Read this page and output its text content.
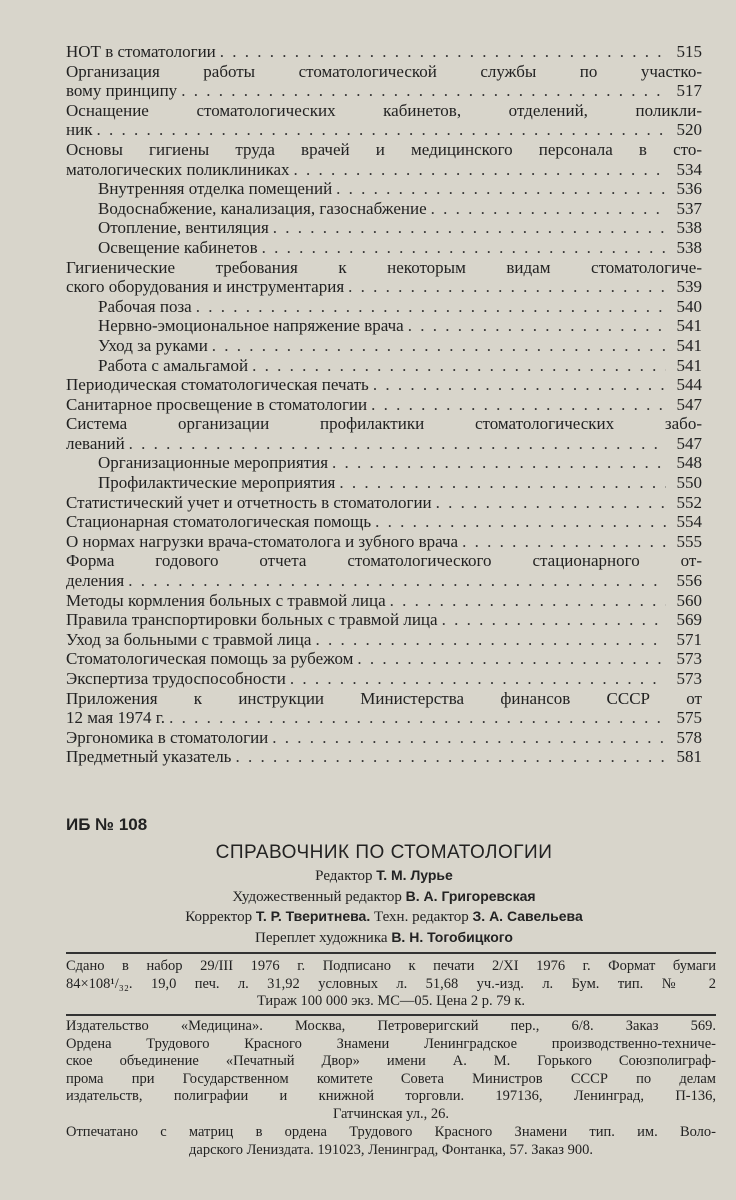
НОТ в стоматологии . . .	515
Организация работы стоматологической службы по участко-
вому принципу . . .	517
Оснащение стоматологических кабинетов, отделений, поликли-
ник . . .	520
Основы гигиены труда врачей и медицинского персонала в сто-
матологических поликлиниках . . .	534
Внутренняя отделка помещений . . .	536
Водоснабжение, канализация, газоснабжение . . .	537
Отопление, вентиляция . . .	538
Освещение кабинетов . . .	538
Гигиенические требования к некоторым видам стоматологиче-
ского оборудования и инструментария . . .	539
Рабочая поза . . .	540
Нервно-эмоциональное напряжение врача . . .	541
Уход за руками . . .	541
Работа с амальгамой . . .	541
Периодическая стоматологическая печать . . .	544
Санитарное просвещение в стоматологии . . .	547
Система организации профилактики стоматологических забо-
леваний . . .	547
Организационные мероприятия . . .	548
Профилактические мероприятия . . .	550
Статистический учет и отчетность в стоматологии . . .	552
Стационарная стоматологическая помощь . . .	554
О нормах нагрузки врача-стоматолога и зубного врача . . .	555
Форма годового отчета стоматологического стационарного от-
деления . . .	556
Методы кормления больных с травмой лица . . .	560
Правила транспортировки больных с травмой лица . . .	569
Уход за больными с травмой лица . . .	571
Стоматологическая помощь за рубежом . . .	573
Экспертиза трудоспособности . . .	573
Приложения к инструкции Министерства финансов СССР от
12 мая 1974 г. . . .	575
Эргономика в стоматологии . . .	578
Предметный указатель . . .	581
ИБ № 108
СПРАВОЧНИК ПО СТОМАТОЛОГИИ
Редактор Т. М. Лурье
Художественный редактор В. А. Григоревская
Корректор Т. Р. Тверитнева. Техн. редактор З. А. Савельева
Переплет художника В. Н. Тогобицкого
Сдано в набор 29/III 1976 г. Подписано к печати 2/XI 1976 г. Формат бумаги
84×108¹/₃₂. 19,0 печ. л. 31,92 условных л. 51,68 уч.-изд. л. Бум. тип. № 2
Тираж 100 000 экз. МС—05. Цена 2 р. 79 к.
Издательство «Медицина». Москва, Петроверигский пер., 6/8. Заказ 569.
Ордена Трудового Красного Знамени Ленинградское производственно-техниче-
ское объединение «Печатный Двор» имени А. М. Горького Союзполиграф-
прома при Государственном комитете Совета Министров СССР по делам
издательств, полиграфии и книжной торговли. 197136, Ленинград, П-136,
Гатчинская ул., 26.
Отпечатано с матриц в ордена Трудового Красного Знамени тип. им. Воло-
дарского Лениздата. 191023, Ленинград, Фонтанка, 57. Заказ 900.
